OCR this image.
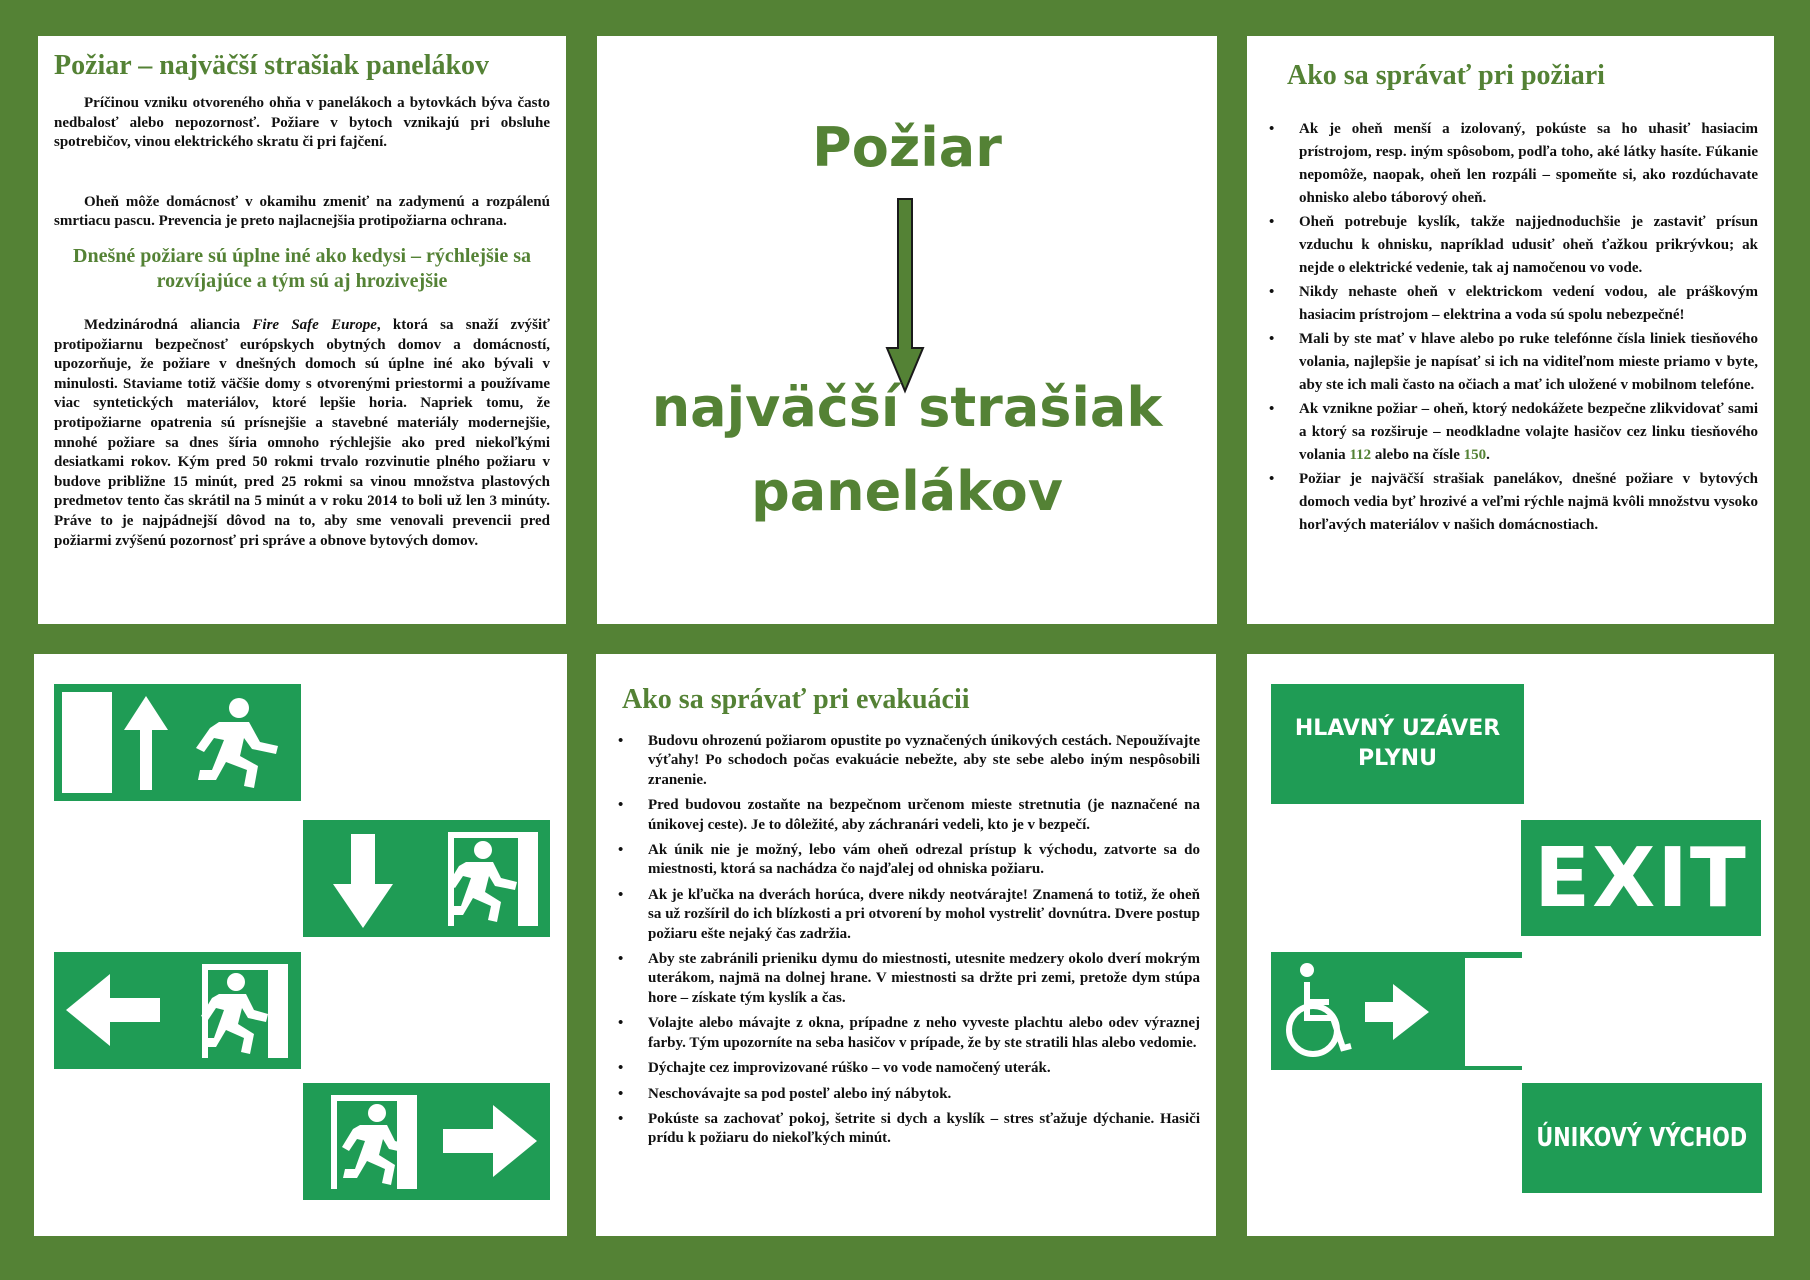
Požiar – najväčší strašiak panelákov

Príčinou vzniku otvoreného ohňa v panelákoch a bytovkách býva často nedbalosť alebo nepozornosť. Požiare v bytoch vznikajú pri obsluhe spotrebičov, vinou elektrického skratu či pri fajčení.

Oheň môže domácnosť v okamihu zmeniť na zadymenú a rozpálenú smrtiacu pascu. Prevencia je preto najlacnejšia protipožiarna ochrana.

Dnešné požiare sú úplne iné ako kedysi – rýchlejšie sa rozvíjajúce a tým sú aj hrozivejšie

Medzinárodná aliancia Fire Safe Europe, ktorá sa snaží zvýšiť protipožiarnu bezpečnosť európskych obytných domov a domácností, upozorňuje, že požiare v dnešných domoch sú úplne iné ako bývali v minulosti. Staviame totiž väčšie domy s otvorenými priestormi a používame viac syntetických materiálov, ktoré lepšie horia. Napriek tomu, že protipožiarne opatrenia sú prísnejšie a stavebné materiály modernejšie, mnohé požiare sa dnes šíria omnoho rýchlejšie ako pred niekoľkými desiatkami rokov. Kým pred 50 rokmi trvalo rozvinutie plného požiaru v budove približne 15 minút, pred 25 rokmi sa vinou množstva plastových predmetov tento čas skrátil na 5 minút a v roku 2014 to boli už len 3 minúty. Práve to je najpádnejší dôvod na to, aby sme venovali prevencii pred požiarmi zvýšenú pozornosť pri správe a obnove bytových domov.

Požiar
najväčší strašiak panelákov
Ako sa správať pri požiari
• Ak je oheň menší a izolovaný, pokúste sa ho uhasiť hasiacim prístrojom, resp. iným spôsobom, podľa toho, aké látky hasíte. Fúkanie nepomôže, naopak, oheň len rozpáli – spomeňte si, ako rozdúchavate ohnisko alebo táborový oheň.
• Oheň potrebuje kyslík, takže najjednoduchšie je zastaviť prísun vzduchu k ohnisku, napríklad udusiť oheň ťažkou prikrývkou; ak nejde o elektrické vedenie, tak aj namočenou vo vode.
• Nikdy nehaste oheň v elektrickom vedení vodou, ale práškovým hasiacim prístrojom – elektrina a voda sú spolu nebezpečné!
• Mali by ste mať v hlave alebo po ruke telefónne čísla liniek tiesňového volania, najlepšie je napísať si ich na viditeľnom mieste priamo v byte, aby ste ich mali často na očiach a mať ich uložené v mobilnom telefóne.
• Ak vznikne požiar – oheň, ktorý nedokážete bezpečne zlikvidovať sami a ktorý sa rozširuje – neodkladne volajte hasičov cez linku tiesňového volania 112 alebo na čísle 150.
• Požiar je najväčší strašiak panelákov, dnešné požiare v bytových domoch vedia byť hrozivé a veľmi rýchle najmä kvôli množstvu vysoko horľavých materiálov v našich domácnostiach.
Ako sa správať pri evakuácii
• Budovu ohrozenú požiarom opustite po vyznačených únikových cestách. Nepoužívajte výťahy! Po schodoch počas evakuácie nebežte, aby ste sebe alebo iným nespôsobili zranenie.
• Pred budovou zostaňte na bezpečnom určenom mieste stretnutia (je naznačené na únikovej ceste). Je to dôležité, aby záchranári vedeli, kto je v bezpečí.
• Ak únik nie je možný, lebo vám oheň odrezal prístup k východu, zatvorte sa do miestnosti, ktorá sa nachádza čo najďalej od ohniska požiaru.
• Ak je kľučka na dverách horúca, dvere nikdy neotvárajte! Znamená to totiž, že oheň sa už rozšíril do ich blízkosti a pri otvorení by mohol vystreliť dovnútra. Dvere postup požiaru ešte nejaký čas zadržia.
• Aby ste zabránili prieniku dymu do miestnosti, utesnite medzery okolo dverí mokrým uterákom, najmä na dolnej hrane. V miestnosti sa držte pri zemi, pretože dym stúpa hore – získate tým kyslík a čas.
• Volajte alebo mávajte z okna, prípadne z neho vyveste plachtu alebo odev výraznej farby. Tým upozorníte na seba hasičov v prípade, že by ste stratili hlas alebo vedomie.
• Dýchajte cez improvizované rúško – vo vode namočený uterák.
• Neschovávajte sa pod posteľ alebo iný nábytok.
• Pokúste sa zachovať pokoj, šetrite si dych a kyslík – stres sťažuje dýchanie. Hasiči prídu k požiaru do niekoľkých minút.
HLAVNÝ UZÁVER PLYNU
EXIT
ÚNIKOVÝ VÝCHOD
